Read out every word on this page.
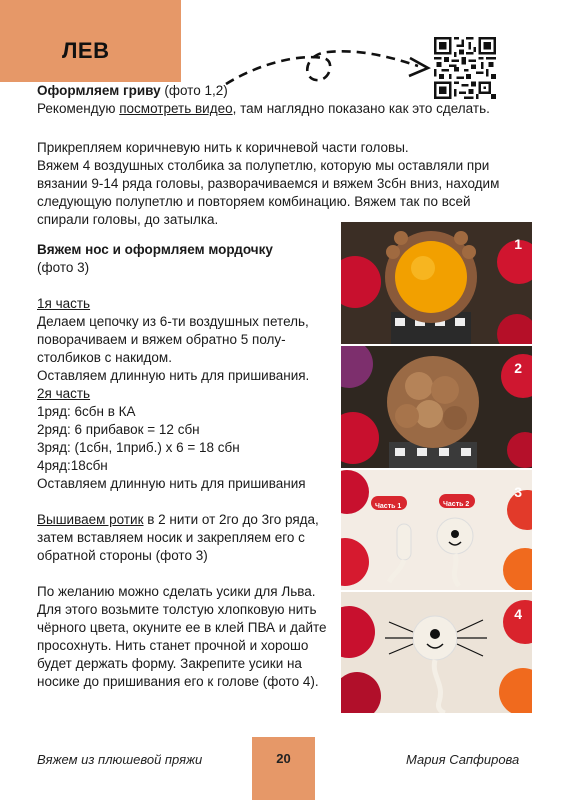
ЛЕВ
Оформляем гриву (фото 1,2)
Рекомендую посмотреть видео, там наглядно показано как это сделать.
Прикрепляем коричневую нить к коричневой части головы.
Вяжем 4 воздушных столбика за полупетлю, которую мы оставляли при
вязании 9-14 ряда головы, разворачиваемся и вяжем 3сбн вниз, находим
следующую полупетлю и повторяем комбинацию. Вяжем так по всей
спирали головы, до затылка.
Вяжем нос и оформляем мордочку
(фото 3)
1я часть
Делаем цепочку из 6-ти воздушных петель,
поворачиваем и вяжем обратно 5 полу-
столбиков с накидом.
Оставляем длинную нить для пришивания.
2я часть
1ряд: 6сбн в КА
2ряд: 6 прибавок = 12 сбн
3ряд: (1сбн, 1приб.) х 6 = 18 сбн
4ряд:18сбн
Оставляем длинную нить для пришивания
Вышиваем ротик в 2 нити от 2го до 3го ряда,
затем вставляем носик и закрепляем его с
обратной стороны (фото 3)
По желанию можно сделать усики для Льва.
Для этого возьмите толстую хлопковую нить
чёрного цвета, окуните ее в клей ПВА и дайте
просохнуть. Нить станет прочной и хорошо
будет держать форму. Закрепите усики на
носике до пришивания его к голове (фото 4).
1
2
Часть 1	Часть 2
3
4
Вяжем из плюшевой пряжи	20	Мария Сапфирова
